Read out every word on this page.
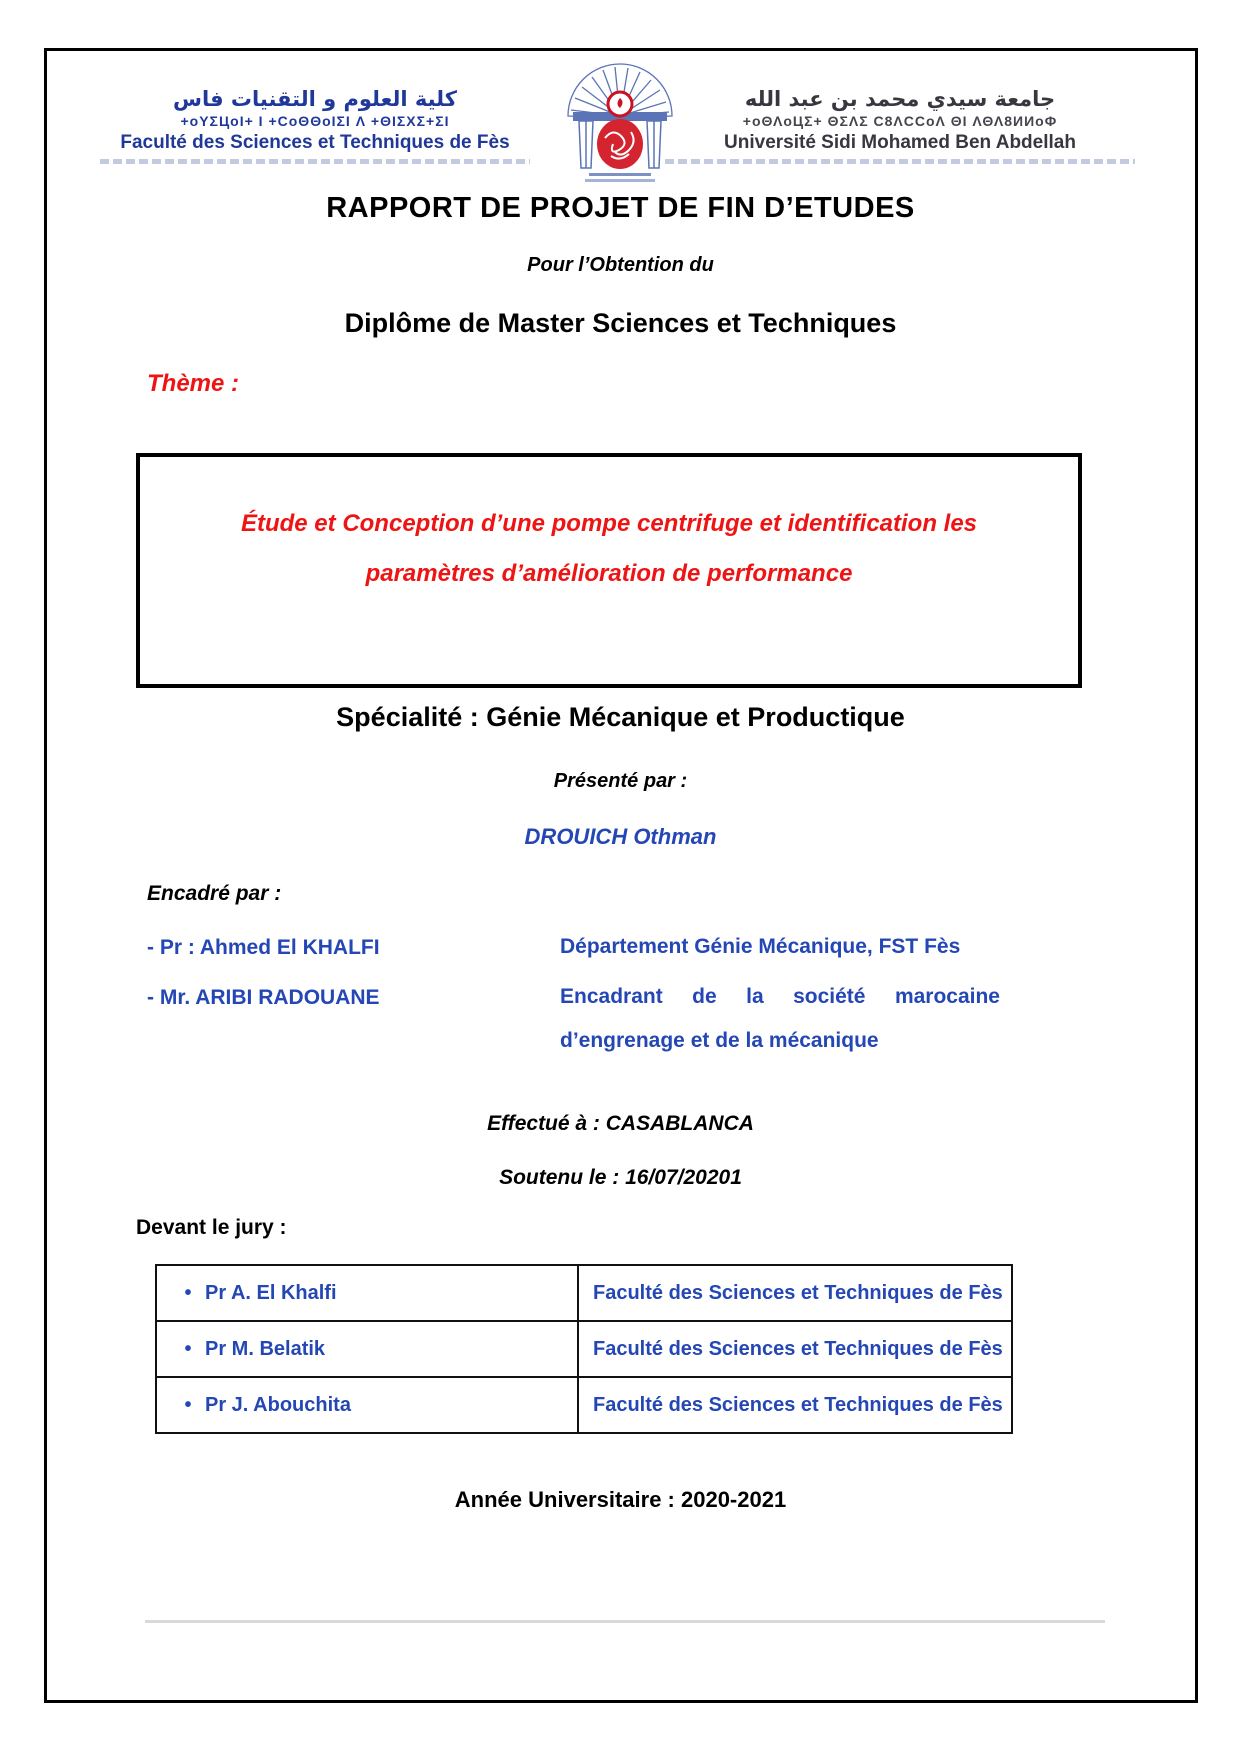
كلية العلوم و التقنيات فاس
+oYΣЦoI+ I +CoΘΘoIΣI Λ +ΘIΣXΣ+ΣI
Faculté des Sciences et Techniques de Fès
جامعة سيدي محمد بن عبد الله
+oΘΛoЦΣ+ ΘΣΛΣ C8ΛCCoΛ ΘI ΛΘΛ8ИИoΦ
Université Sidi Mohamed Ben Abdellah
RAPPORT DE PROJET DE FIN D’ETUDES
Pour l’Obtention du
Diplôme de Master Sciences et Techniques
Thème :
Étude et Conception d’une pompe centrifuge et identification les
paramètres d’amélioration de performance
Spécialité : Génie Mécanique et Productique
Présenté par :
DROUICH Othman
Encadré par :
- Pr : Ahmed El KHALFI	Département Génie Mécanique, FST Fès
- Mr. ARIBI RADOUANE	Encadrant de la société marocaine
d’engrenage et de la mécanique
Effectué à : CASABLANCA
Soutenu le : 16/07/20201
Devant le jury :
• Pr A. El Khalfi	Faculté des Sciences et Techniques de Fès
• Pr M. Belatik	Faculté des Sciences et Techniques de Fès
• Pr J. Abouchita	Faculté des Sciences et Techniques de Fès
Année Universitaire : 2020-2021
